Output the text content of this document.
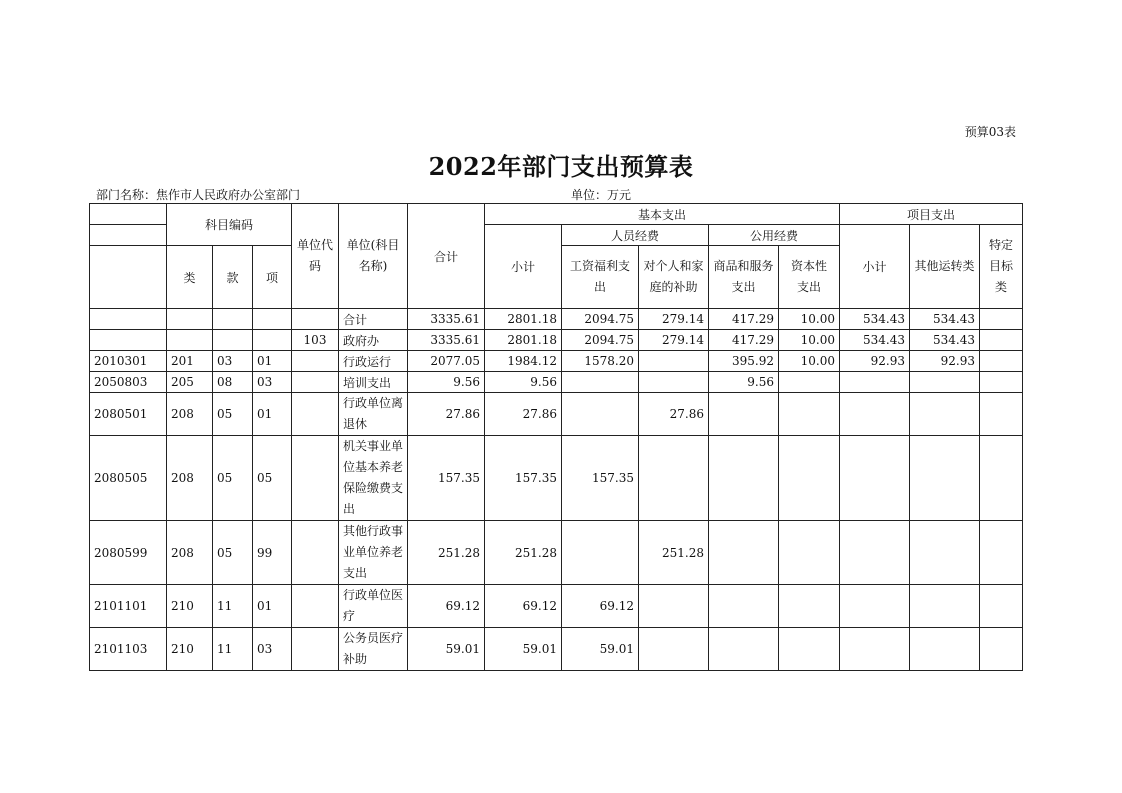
预算03表
2022年部门支出预算表
部门名称：焦作市人民政府办公室部门	单位：万元
	科目编码			单位代码	单位(科目名称)	合计	基本支出					项目支出		
							小计	人员经费		公用经费		小计	其他运转类	特定目标类
	类	款	项					工资福利支出	对个人和家庭的补助	商品和服务支出	资本性支出			

					合计	3335.61	2801.18	2094.75	279.14	417.29	10.00	534.43	534.43	
				103	政府办	3335.61	2801.18	2094.75	279.14	417.29	10.00	534.43	534.43	
2010301	201	03	01		行政运行	2077.05	1984.12	1578.20		395.92	10.00	92.93	92.93	
2050803	205	08	03		培训支出	9.56	9.56			9.56				
2080501	208	05	01		行政单位离退休	27.86	27.86		27.86					
2080505	208	05	05		机关事业单位基本养老保险缴费支出	157.35	157.35	157.35						
2080599	208	05	99		其他行政事业单位养老支出	251.28	251.28		251.28					
2101101	210	11	01		行政单位医疗	69.12	69.12	69.12						
2101103	210	11	03		公务员医疗补助	59.01	59.01	59.01						
